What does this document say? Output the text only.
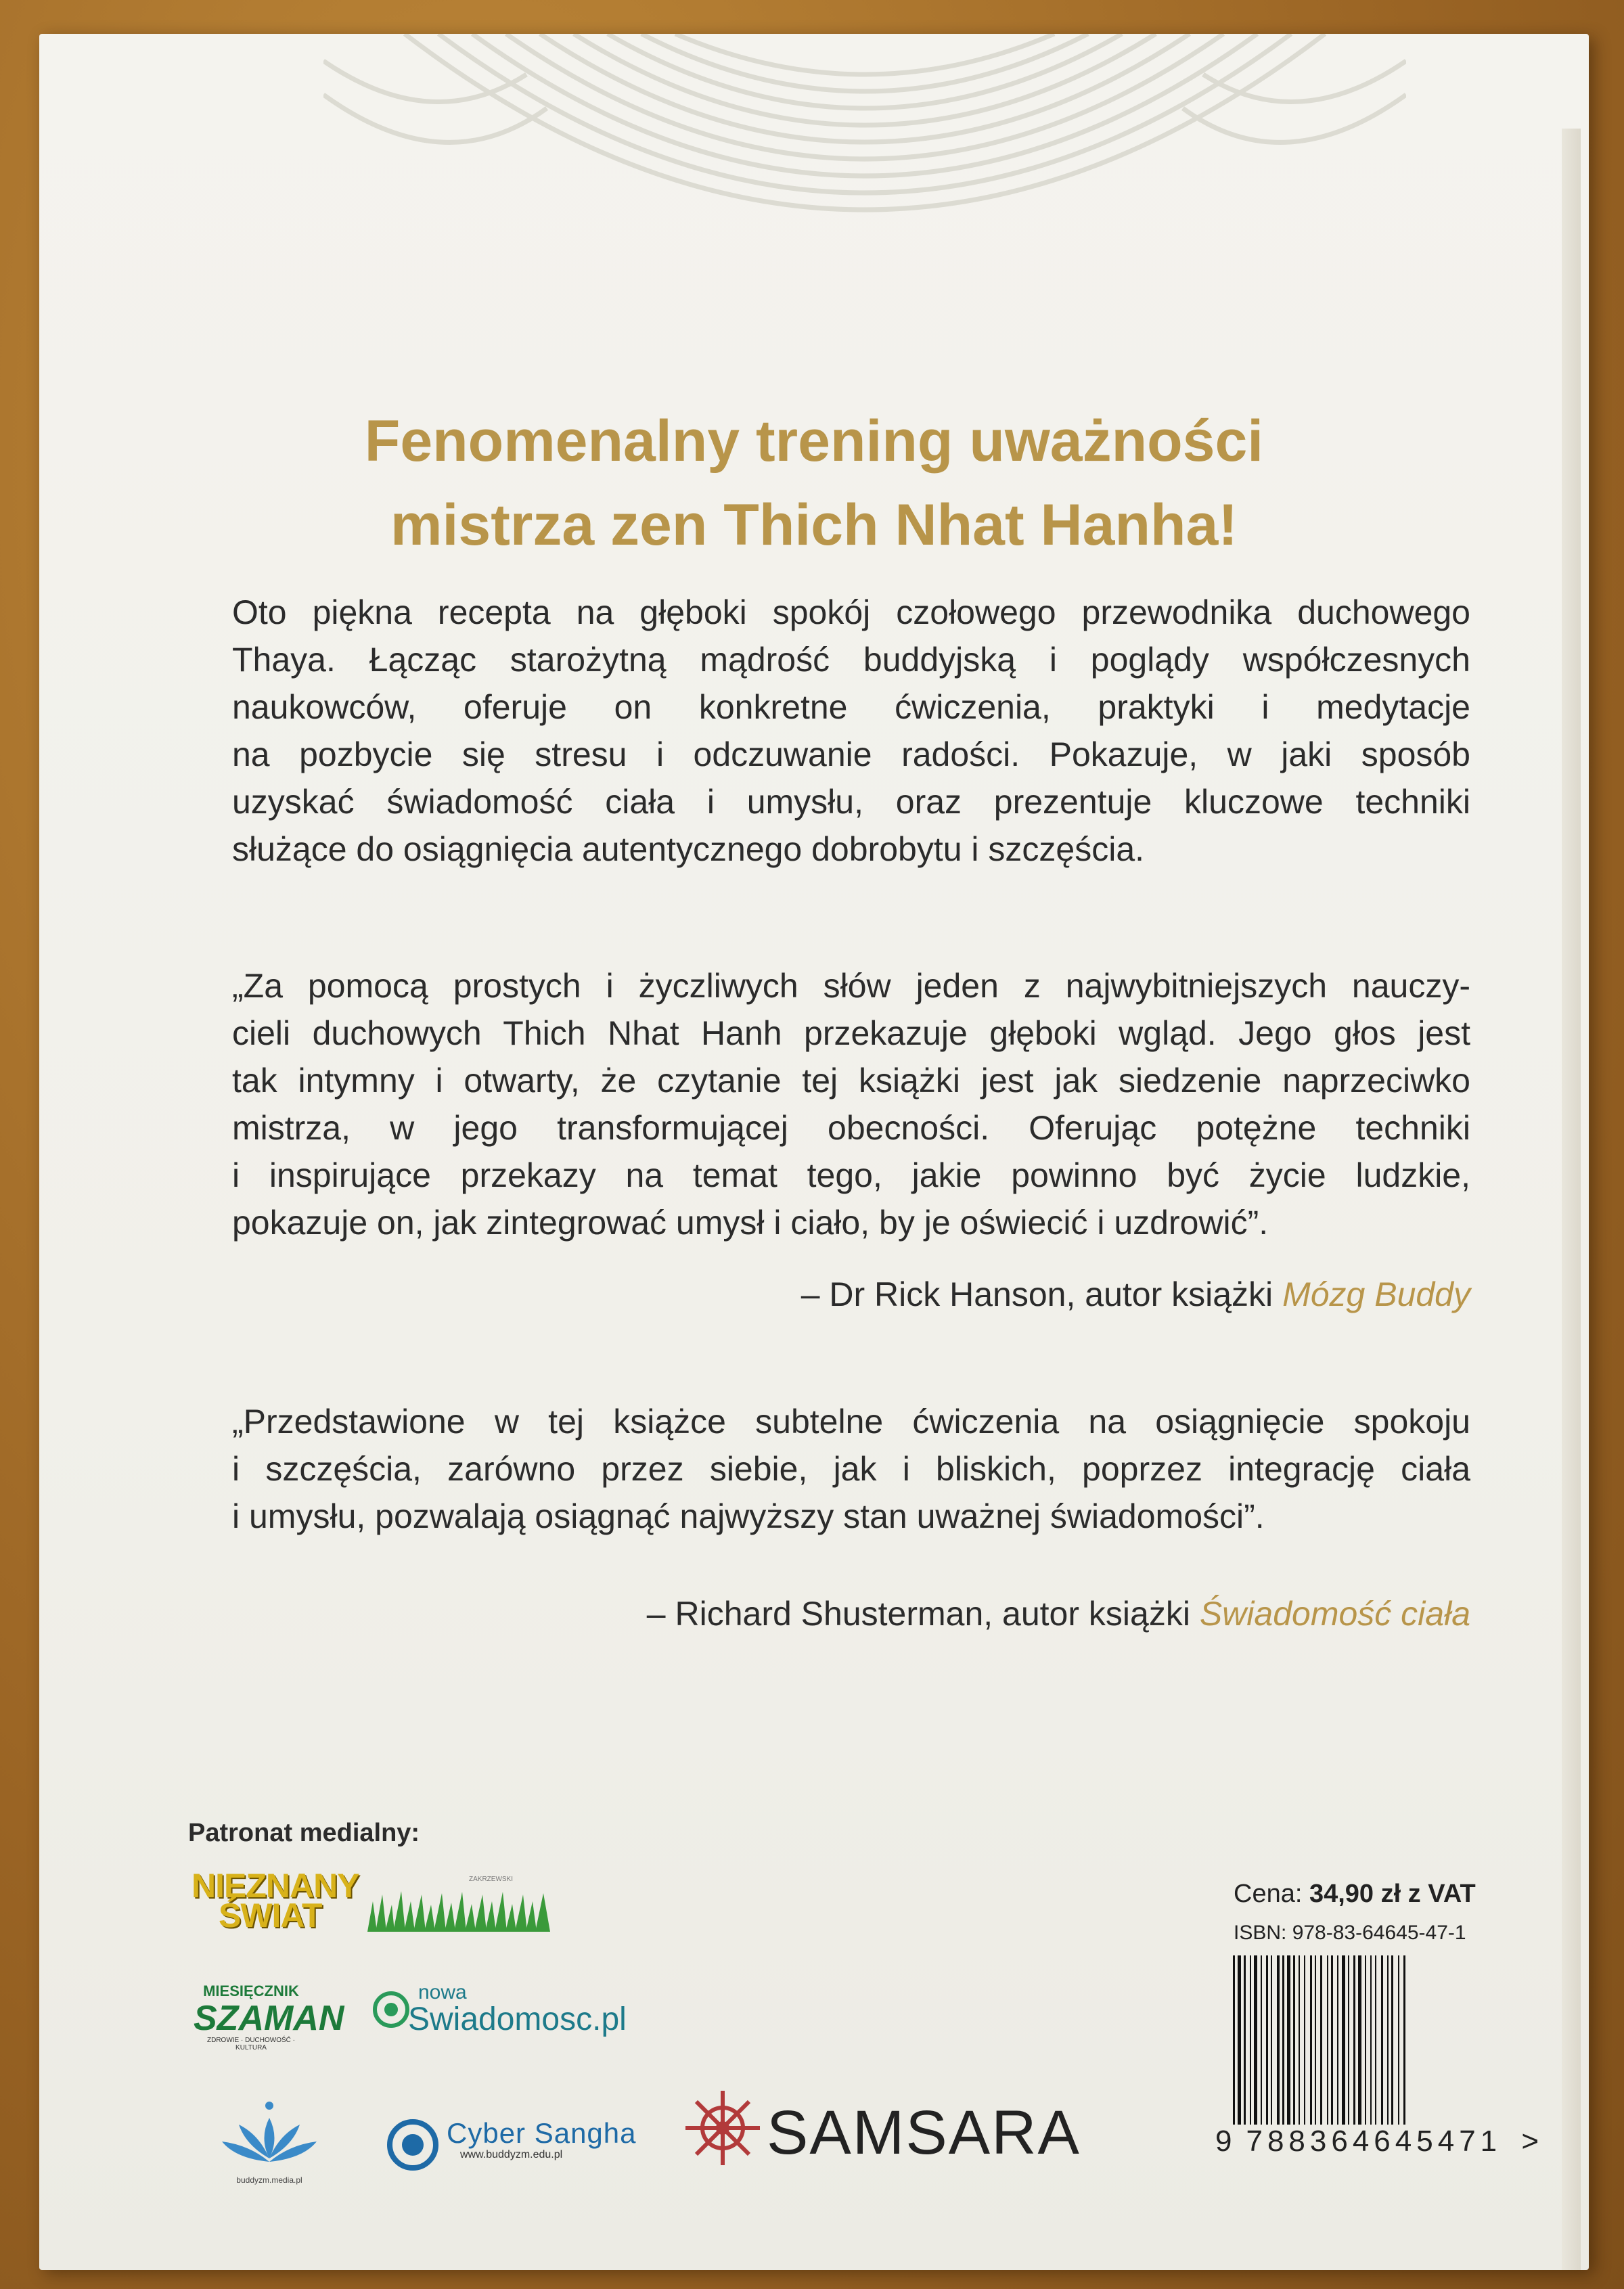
Fenomenalny trening uważności
mistrza zen Thich Nhat Hanha!
Oto piękna recepta na głęboki spokój czołowego przewodnika duchowego
Thaya. Łącząc starożytną mądrość buddyjską i poglądy współczesnych
naukowców, oferuje on konkretne ćwiczenia, praktyki i medytacje
na pozbycie się stresu i odczuwanie radości. Pokazuje, w jaki sposób
uzyskać świadomość ciała i umysłu, oraz prezentuje kluczowe techniki
służące do osiągnięcia autentycznego dobrobytu i szczęścia.
„Za pomocą prostych i życzliwych słów jeden z najwybitniejszych nauczy-
cieli duchowych Thich Nhat Hanh przekazuje głęboki wgląd. Jego głos jest
tak intymny i otwarty, że czytanie tej książki jest jak siedzenie naprzeciwko
mistrza, w jego transformującej obecności. Oferując potężne techniki
i inspirujące przekazy na temat tego, jakie powinno być życie ludzkie,
pokazuje on, jak zintegrować umysł i ciało, by je oświecić i uzdrowić”.
– Dr Rick Hanson, autor książki Mózg Buddy
„Przedstawione w tej książce subtelne ćwiczenia na osiągnięcie spokoju
i szczęścia, zarówno przez siebie, jak i bliskich, poprzez integrację ciała
i umysłu, pozwalają osiągnąć najwyższy stan uważnej świadomości”.
– Richard Shusterman, autor książki Świadomość ciała
Patronat medialny:
NIEZNANY
ŚWIAT
ZAKRZEWSKI
MIESIĘCZNIK
SZAMAN
ZDROWIE · DUCHOWOŚĆ · KULTURA
nowa
Swiadomosc.pl
buddyzm.media.pl
Cyber Sangha
www.buddyzm.edu.pl	SAMSARA
Cena: 34,90 zł z VAT
ISBN: 978-83-64645-47-1
9 788364645471 >
